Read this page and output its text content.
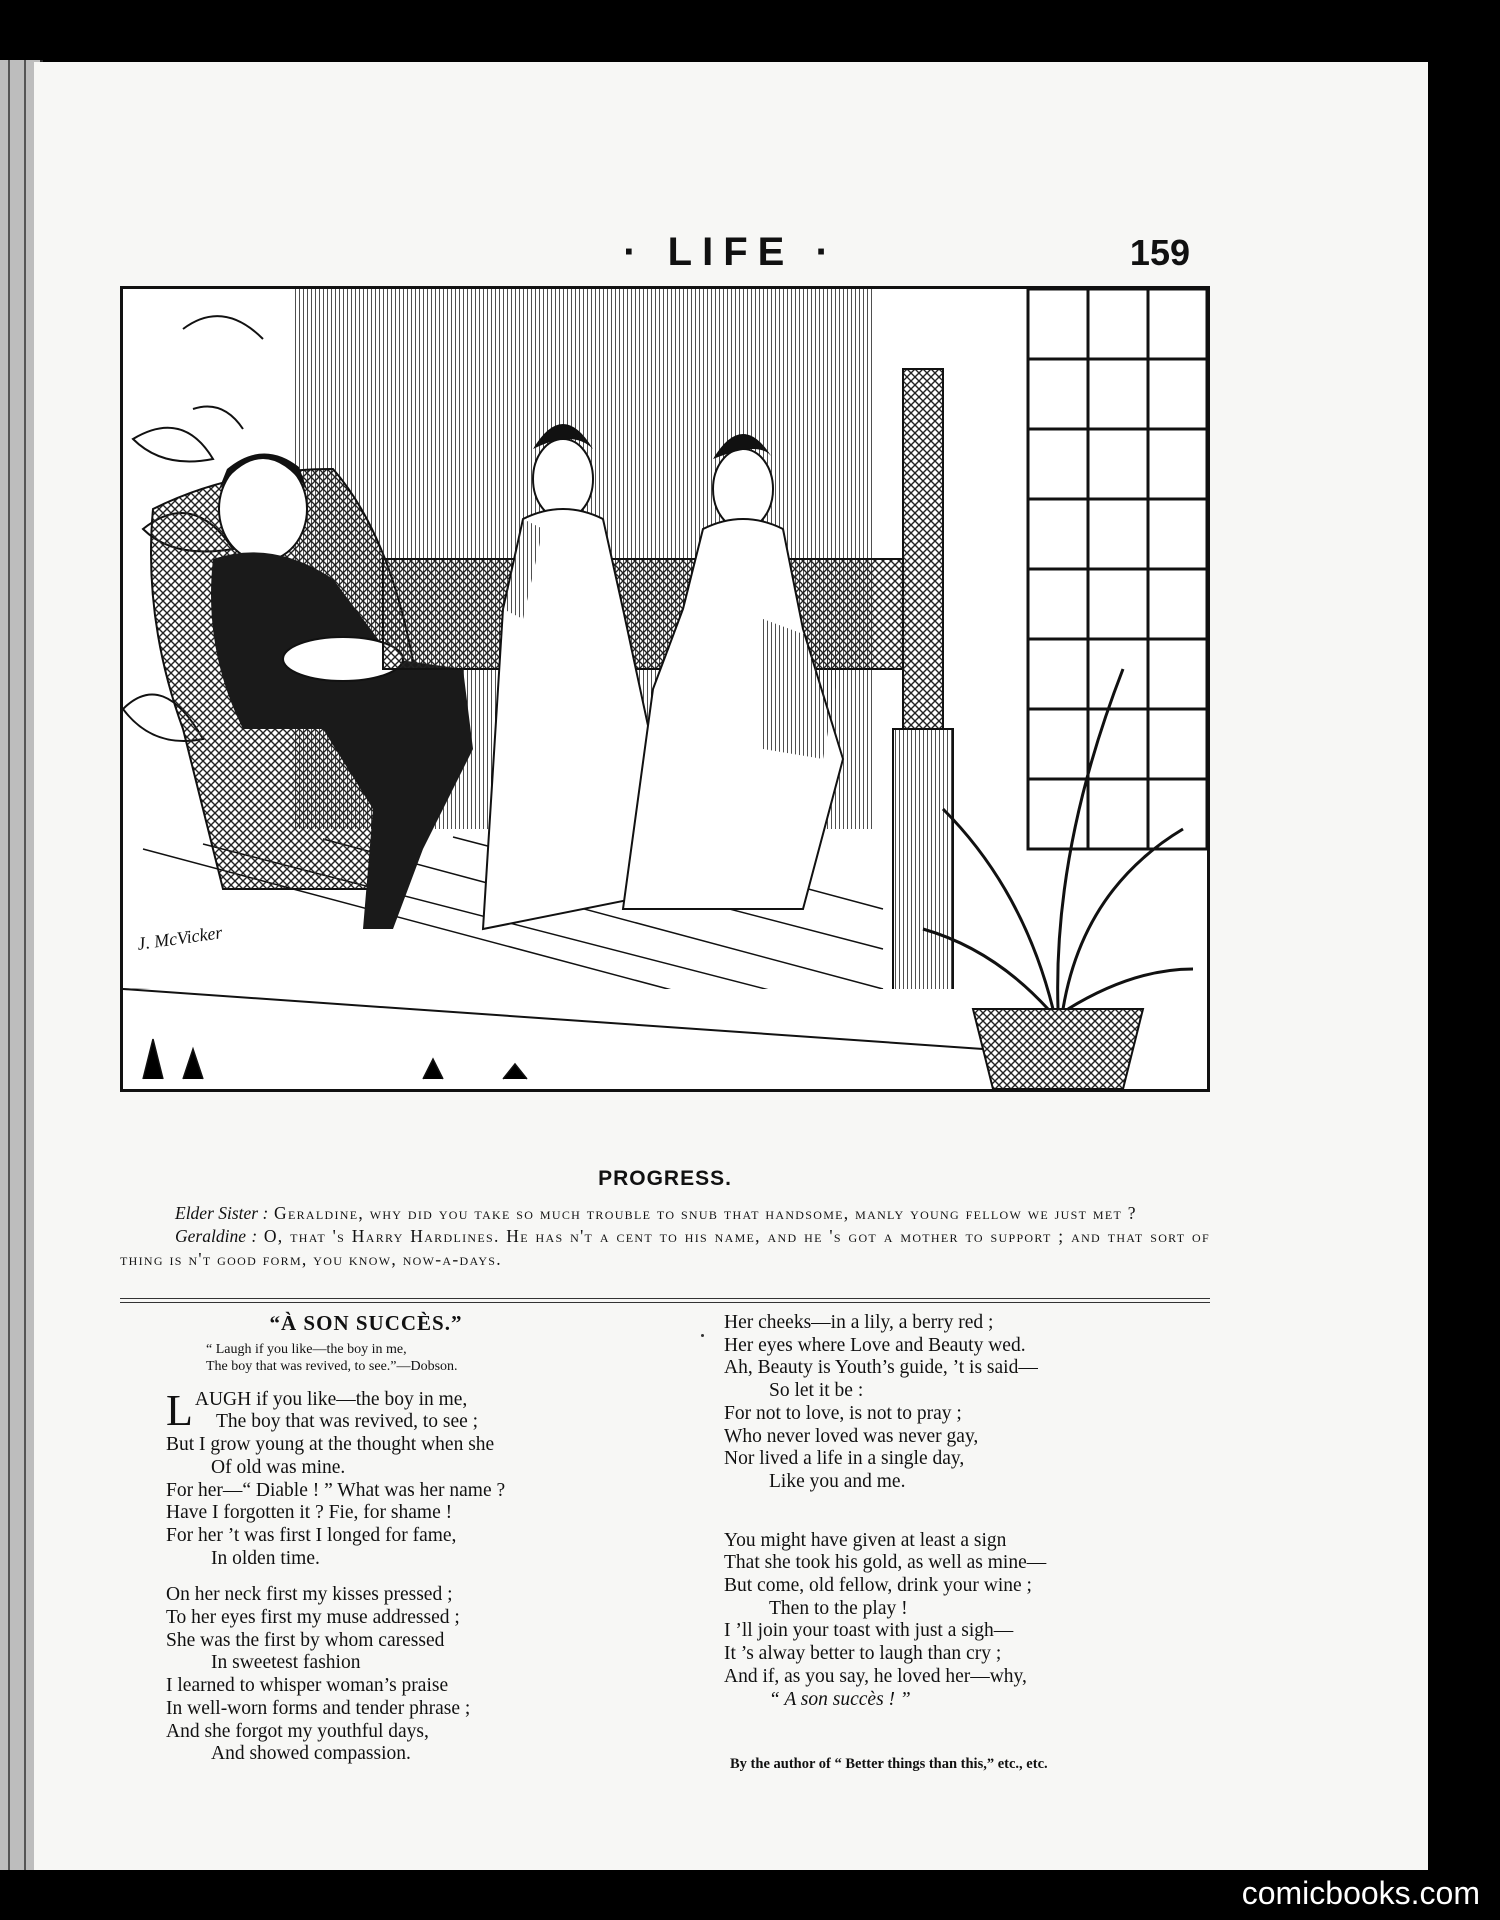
· LIFE ·	159
J. McVicker
PROGRESS.
Elder Sister : Geraldine, why did you take so much trouble to snub that handsome, manly young fellow we just met ?
Geraldine : O, that 's Harry Hardlines. He has n't a cent to his name, and he 's got a mother to support ; and that sort of thing is n't good form, you know, now-a-days.
“À SON SUCCÈS.”
“ Laugh if you like—the boy in me,
The boy that was revived, to see.”—Dobson.
LAUGH if you like—the boy in me,
The boy that was revived, to see ;
But I grow young at the thought when she
Of old was mine.
For her—“ Diable ! ” What was her name ?
Have I forgotten it ? Fie, for shame !
For her ’t was first I longed for fame,
In olden time.
On her neck first my kisses pressed ;
To her eyes first my muse addressed ;
She was the first by whom caressed
In sweetest fashion
I learned to whisper woman’s praise
In well-worn forms and tender phrase ;
And she forgot my youthful days,
And showed compassion.
Her cheeks—in a lily, a berry red ;
Her eyes where Love and Beauty wed.
Ah, Beauty is Youth’s guide, ’t is said—
So let it be :
For not to love, is not to pray ;
Who never loved was never gay,
Nor lived a life in a single day,
Like you and me.
You might have given at least a sign
That she took his gold, as well as mine—
But come, old fellow, drink your wine ;
Then to the play !
I ’ll join your toast with just a sigh—
It ’s alway better to laugh than cry ;
And if, as you say, he loved her—why,
“ A son succès ! ”
By the author of “ Better things than this,” etc., etc.
comicbooks.com
